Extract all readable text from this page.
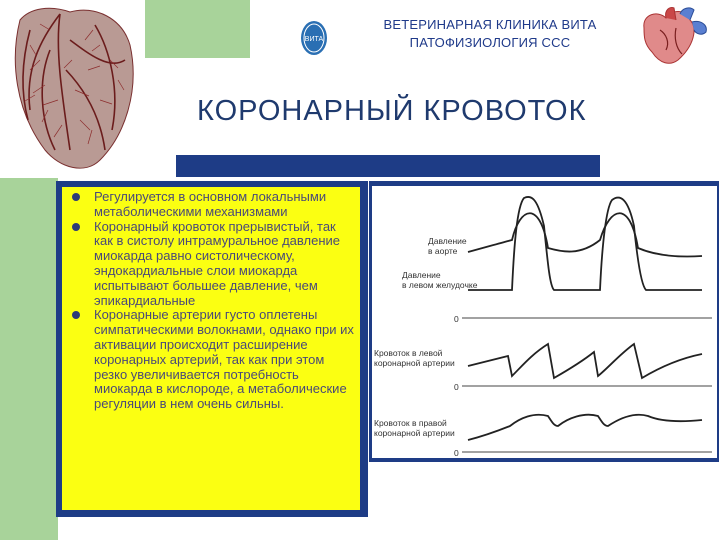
ВИТА
ВЕТЕРИНАРНАЯ КЛИНИКА ВИТА
ПАТОФИЗИОЛОГИЯ ССС
КОРОНАРНЫЙ КРОВОТОК
Регулируется в основном локальными метаболическими механизмами
Коронарный кровоток прерывистый, так как в систолу интрамуральное давление миокарда равно систолическому, эндокардиальные слои миокарда испытывают большее давление, чем эпикардиальные
Коронарные артерии густо оплетены симпатическими волокнами, однако при их активации происходит расширение коронарных артерий, так как при этом резко увеличивается потребность миокарда в кислороде, а метаболические регуляции в нем очень сильны.
Давление
в аорте
Давление
в левом желудочке
0
Кровоток в левой
коронарной артерии
0
Кровоток в правой
коронарной артерии
0
